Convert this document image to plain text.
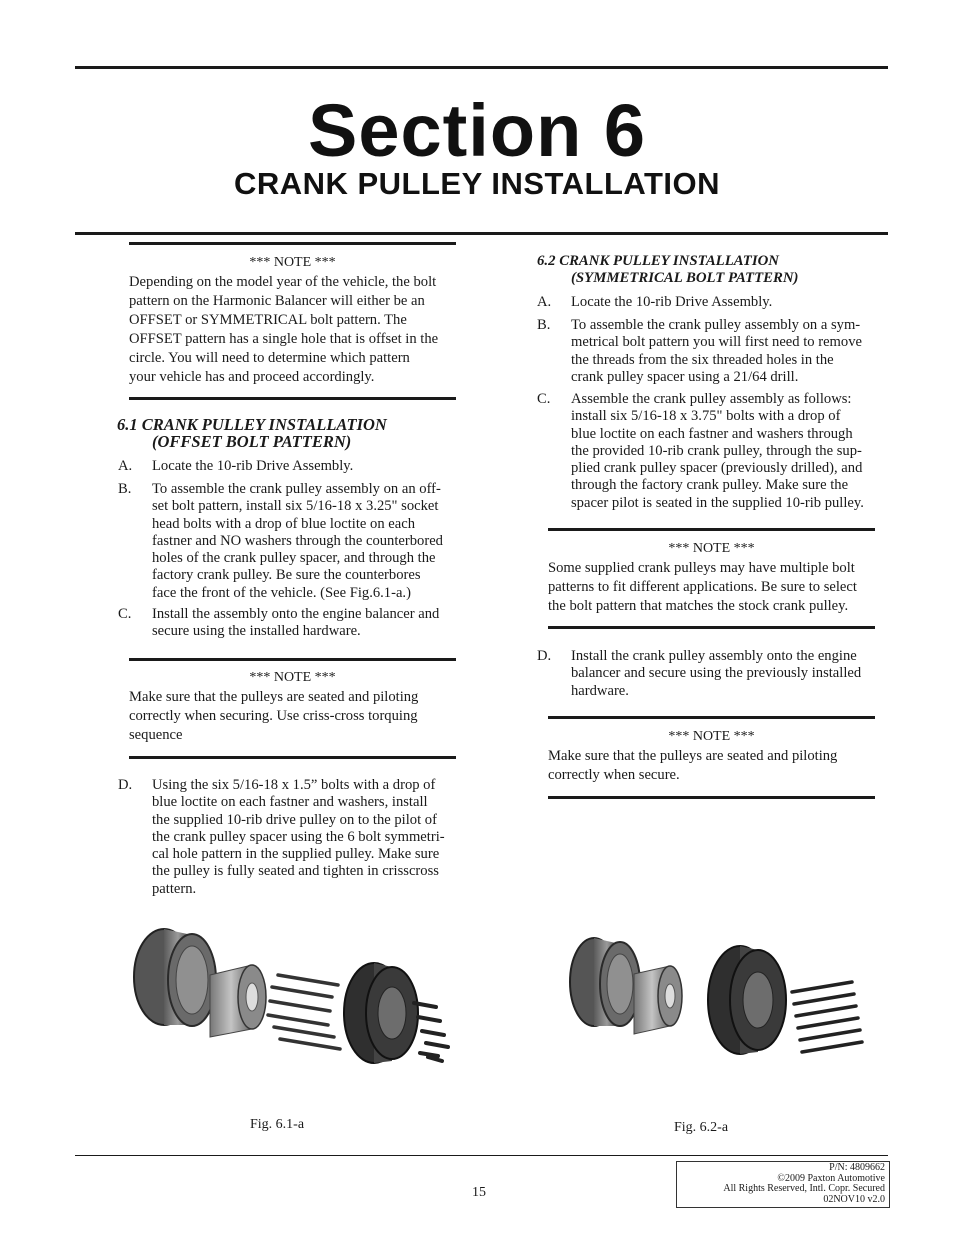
Section 6
CRANK PULLEY INSTALLATION
*** NOTE ***
Depending on the model year of the vehicle, the bolt
pattern on the Harmonic Balancer will either be an
OFFSET or SYMMETRICAL bolt pattern. The
OFFSET pattern has a single hole that is offset in the
circle. You will need to determine which pattern
your vehicle has and proceed accordingly.
6.1 CRANK PULLEY INSTALLATION
(OFFSET BOLT PATTERN)
A. Locate the 10-rib Drive Assembly.
B. To assemble the crank pulley assembly on an off-
set bolt pattern, install six 5/16-18 x 3.25" socket
head bolts with a drop of blue loctite on each
fastner and NO washers through the counterbored
holes of the crank pulley spacer, and through the
factory crank pulley. Be sure the counterbores
face the front of the vehicle. (See Fig.6.1-a.)
C. Install the assembly onto the engine balancer and
secure using the installed hardware.
*** NOTE ***
Make sure that the pulleys are seated and piloting
correctly when securing. Use criss-cross torquing
sequence
D. Using the six 5/16-18 x 1.5” bolts with a drop of
blue loctite on each fastner and washers, install
the supplied 10-rib drive pulley on to the pilot of
the crank pulley spacer using the 6 bolt symmetri-
cal hole pattern in the supplied pulley. Make sure
the pulley is fully seated and tighten in crisscross
pattern.
Fig. 6.1-a
6.2 CRANK PULLEY INSTALLATION
(SYMMETRICAL BOLT PATTERN)
A. Locate the 10-rib Drive Assembly.
B. To assemble the crank pulley assembly on a sym-
metrical bolt pattern you will first need to remove
the threads from the six threaded holes in the
crank pulley spacer using a 21/64 drill.
C. Assemble the crank pulley assembly as follows:
install six 5/16-18 x 3.75" bolts with a drop of
blue loctite on each fastner and washers through
the provided 10-rib crank pulley, through the sup-
plied crank pulley spacer (previously drilled), and
through the factory crank pulley. Make sure the
spacer pilot is seated in the supplied 10-rib pulley.
*** NOTE ***
Some supplied crank pulleys may have multiple bolt
patterns to fit different applications. Be sure to select
the bolt pattern that matches the stock crank pulley.
D. Install the crank pulley assembly onto the engine
balancer and secure using the previously installed
hardware.
*** NOTE ***
Make sure that the pulleys are seated and piloting
correctly when secure.
Fig. 6.2-a
15
P/N: 4809662
©2009 Paxton Automotive
All Rights Reserved, Intl. Copr. Secured
02NOV10 v2.0
